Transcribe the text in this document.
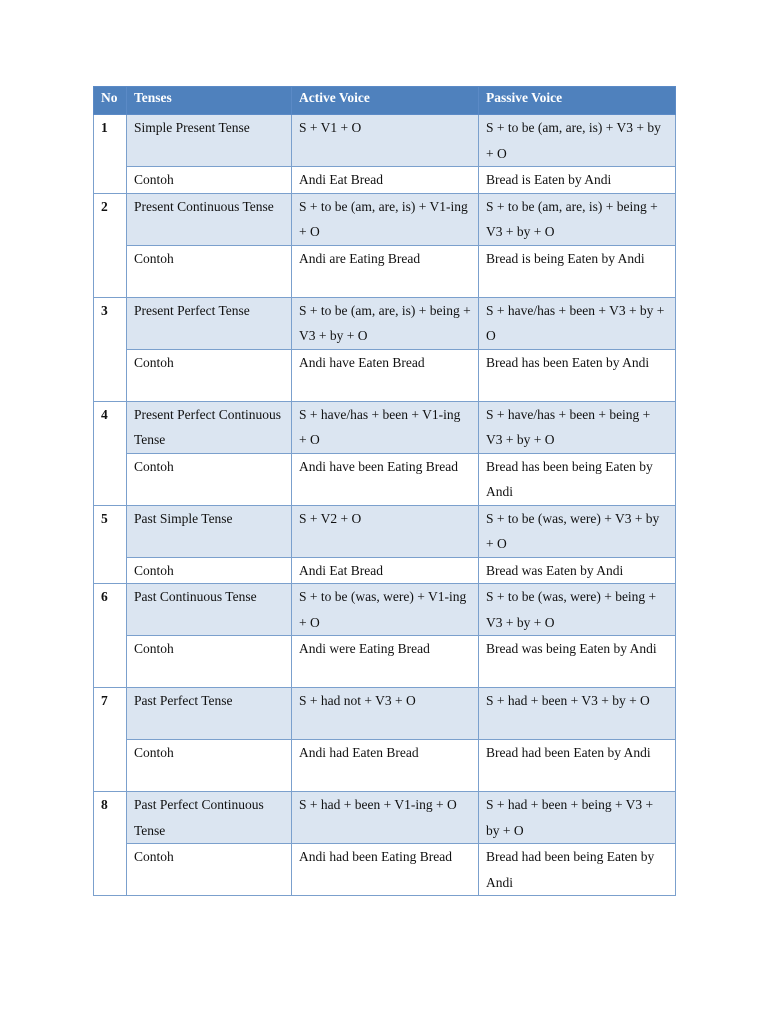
No	Tenses	Active Voice	Passive Voice
1	Simple Present Tense	S + V1 + O	S + to be (am, are, is) + V3 + by + O
	Contoh	Andi Eat Bread	Bread is Eaten by Andi
2	Present Continuous Tense	S + to be (am, are, is) + V1-ing + O	S + to be (am, are, is) + being + V3 + by + O
	Contoh	Andi are Eating Bread	Bread is being Eaten by Andi
3	Present Perfect Tense	S + to be (am, are, is) + being + V3 + by + O	S + have/has + been + V3 + by + O
	Contoh	Andi have Eaten Bread	Bread has been Eaten by Andi
4	Present Perfect Continuous Tense	S + have/has + been + V1-ing + O	S + have/has + been + being + V3 + by + O
	Contoh	Andi have been Eating Bread	Bread has been being Eaten by Andi
5	Past Simple Tense	S + V2 + O	S + to be (was, were) + V3 + by + O
	Contoh	Andi Eat Bread	Bread was Eaten by Andi
6	Past Continuous Tense	S + to be (was, were) + V1-ing + O	S + to be (was, were) + being + V3 + by + O
	Contoh	Andi were Eating Bread	Bread was being Eaten by Andi
7	Past Perfect Tense	S + had not + V3 + O	S + had + been + V3 + by + O
	Contoh	Andi had Eaten Bread	Bread had been Eaten by Andi
8	Past Perfect Continuous Tense	S + had + been + V1-ing + O	S + had + been + being + V3 + by + O
	Contoh	Andi had been Eating Bread	Bread had been being Eaten by Andi
